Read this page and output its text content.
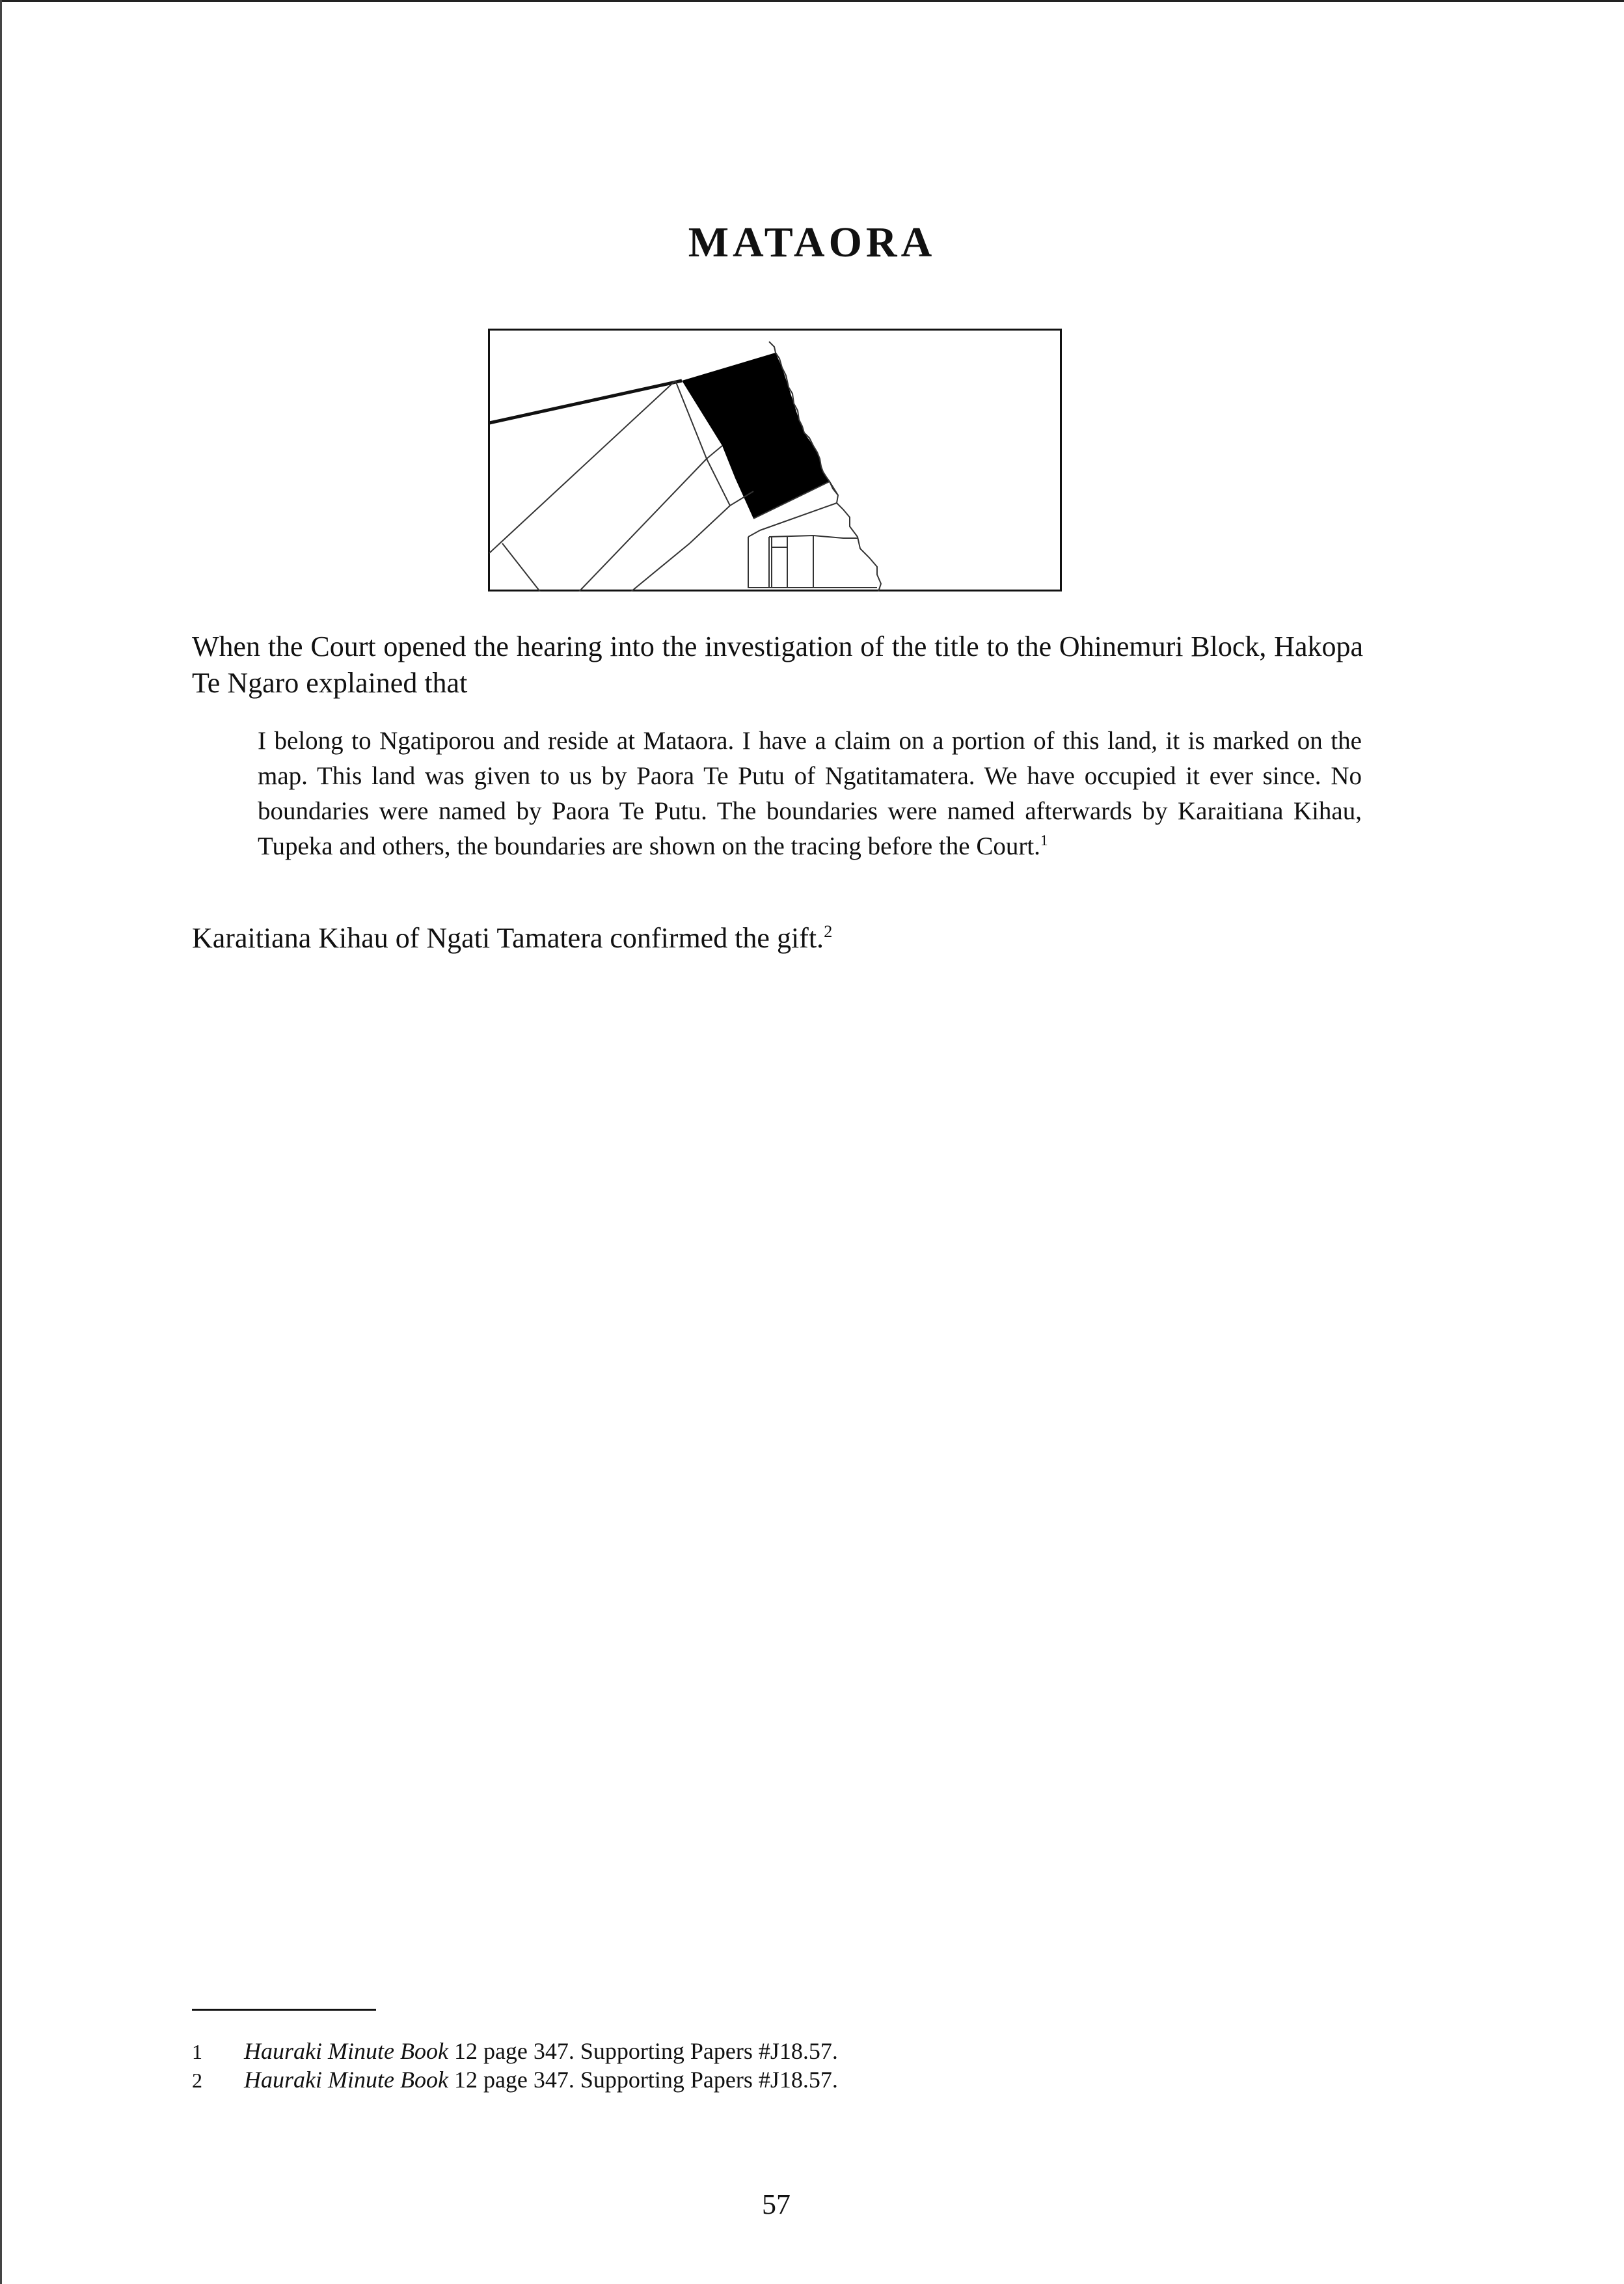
MATAORA

When the Court opened the hearing into the investigation of the title to the Ohinemuri Block, Hakopa Te Ngaro explained that

I belong to Ngatiporou and reside at Mataora. I have a claim on a portion of this land, it is marked on the map. This land was given to us by Paora Te Putu of Ngatitamatera. We have occupied it ever since. No boundaries were named by Paora Te Putu. The boundaries were named afterwards by Karaitiana Kihau, Tupeka and others, the boundaries are shown on the tracing before the Court.$^1$

Karaitiana Kihau of Ngati Tamatera confirmed the gift.$^2$

1 Hauraki Minute Book 12 page 347. Supporting Papers #J18.57.
2 Hauraki Minute Book 12 page 347. Supporting Papers #J18.57.
57
